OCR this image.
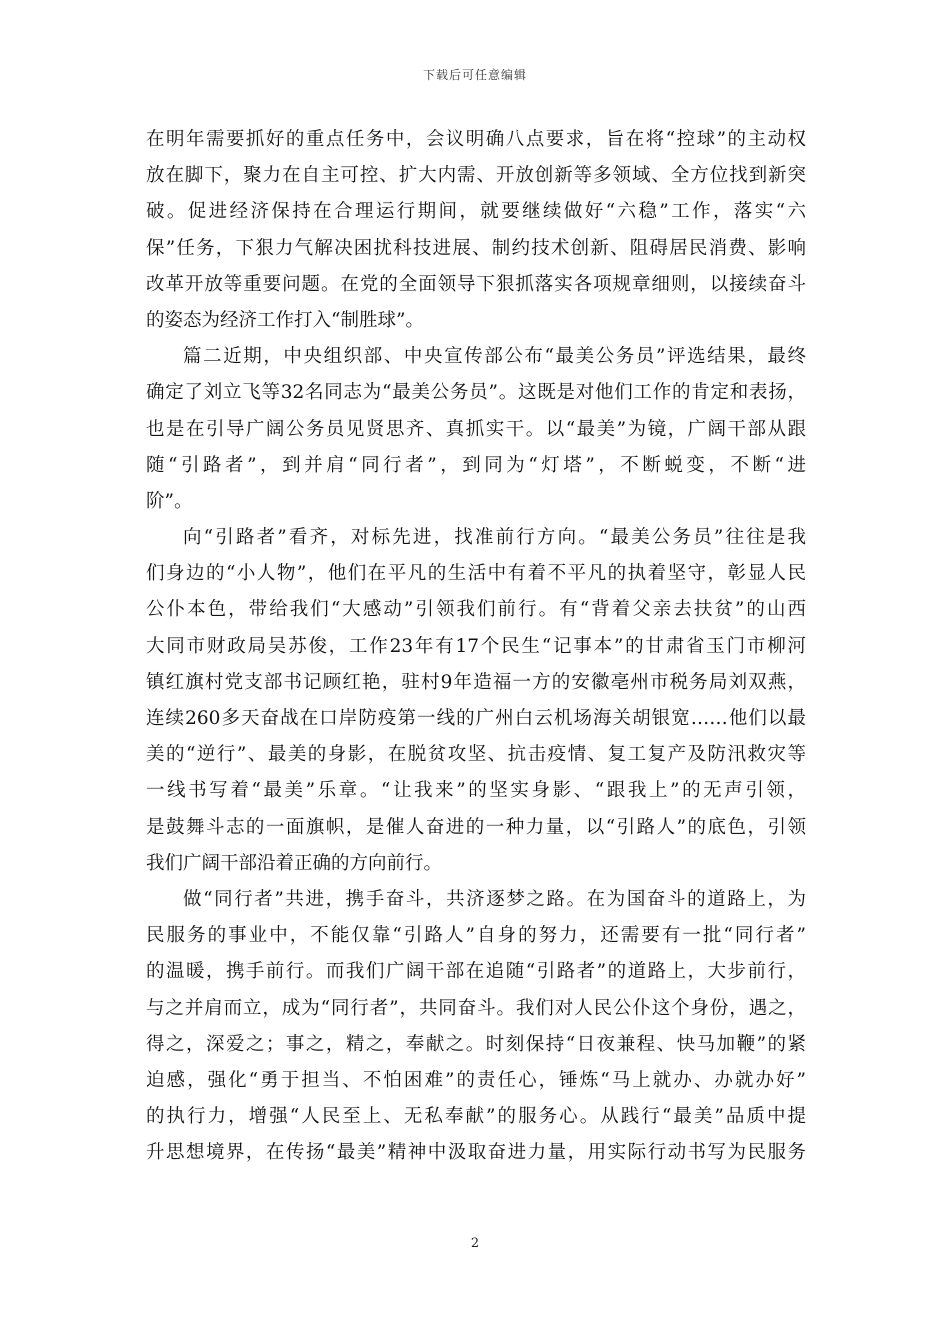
下载后可任意编辑
在明年需要抓好的重点任务中，会议明确八点要求，旨在将“控球”的主动权
放在脚下，聚力在自主可控、扩大内需、开放创新等多领域、全方位找到新突
破。促进经济保持在合理运行期间，就要继续做好“六稳”工作，落实“六
保”任务，下狠力气解决困扰科技进展、制约技术创新、阻碍居民消费、影响
改革开放等重要问题。在党的全面领导下狠抓落实各项规章细则，以接续奋斗
的姿态为经济工作打入“制胜球”。
篇二近期，中央组织部、中央宣传部公布“最美公务员”评选结果，最终
确定了刘立飞等32名同志为“最美公务员”。这既是对他们工作的肯定和表扬，
也是在引导广阔公务员见贤思齐、真抓实干。以“最美”为镜，广阔干部从跟
随“引路者”，到并肩“同行者”，到同为“灯塔”，不断蜕变，不断“进
阶”。
向“引路者”看齐，对标先进，找准前行方向。“最美公务员”往往是我
们身边的“小人物”，他们在平凡的生活中有着不平凡的执着坚守，彰显人民
公仆本色，带给我们“大感动”引领我们前行。有“背着父亲去扶贫”的山西
大同市财政局吴苏俊，工作23年有17个民生“记事本”的甘肃省玉门市柳河
镇红旗村党支部书记顾红艳，驻村9年造福一方的安徽亳州市税务局刘双燕，
连续260多天奋战在口岸防疫第一线的广州白云机场海关胡银宽……他们以最
美的“逆行”、最美的身影，在脱贫攻坚、抗击疫情、复工复产及防汛救灾等
一线书写着“最美”乐章。“让我来”的坚实身影、“跟我上”的无声引领，
是鼓舞斗志的一面旗帜，是催人奋进的一种力量，以“引路人”的底色，引领
我们广阔干部沿着正确的方向前行。
做“同行者”共进，携手奋斗，共济逐梦之路。在为国奋斗的道路上，为
民服务的事业中，不能仅靠“引路人”自身的努力，还需要有一批“同行者”
的温暖，携手前行。而我们广阔干部在追随“引路者”的道路上，大步前行，
与之并肩而立，成为“同行者”，共同奋斗。我们对人民公仆这个身份，遇之，
得之，深爱之；事之，精之，奉献之。时刻保持“日夜兼程、快马加鞭”的紧
迫感，强化“勇于担当、不怕困难”的责任心，锤炼“马上就办、办就办好”
的执行力，增强“人民至上、无私奉献”的服务心。从践行“最美”品质中提
升思想境界，在传扬“最美”精神中汲取奋进力量，用实际行动书写为民服务
2
